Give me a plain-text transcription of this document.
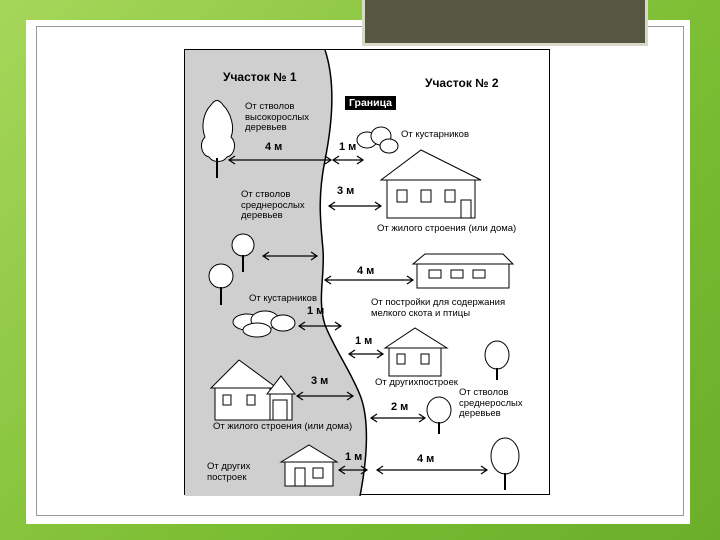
Участок № 1	Участок № 2
Граница
От стволов высокорослых деревьев
4 м
От кустарников
1 м
От стволов среднерослых деревьев
3 м
От жилого строения (или дома)
4 м
От постройки для содержания мелкого скота и птицы
От кустарников
1 м
1 м
От другихпостроек
3 м
От стволов среднерослых деревьев
2 м
От жилого строения (или дома)
1 м	4 м
От других построек
